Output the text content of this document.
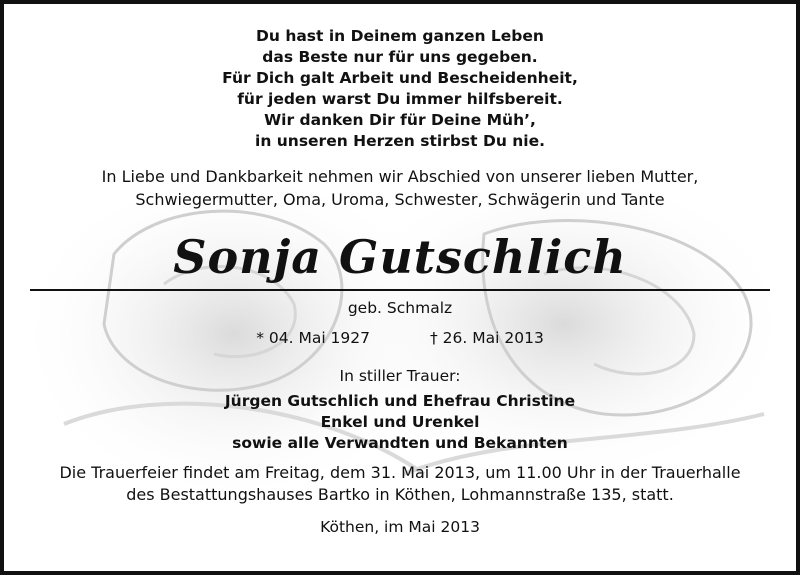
Du hast in Deinem ganzen Leben
das Beste nur für uns gegeben.
Für Dich galt Arbeit und Bescheidenheit,
für jeden warst Du immer hilfsbereit.
Wir danken Dir für Deine Müh’,
in unseren Herzen stirbst Du nie.
In Liebe und Dankbarkeit nehmen wir Abschied von unserer lieben Mutter,
Schwiegermutter, Oma, Uroma, Schwester, Schwägerin und Tante
Sonja Gutschlich
geb. Schmalz
* 04. Mai 1927	† 26. Mai 2013
In stiller Trauer:
Jürgen Gutschlich und Ehefrau Christine
Enkel und Urenkel
sowie alle Verwandten und Bekannten
Die Trauerfeier findet am Freitag, dem 31. Mai 2013, um 11.00 Uhr in der Trauerhalle
des Bestattungshauses Bartko in Köthen, Lohmannstraße 135, statt.
Köthen, im Mai 2013
